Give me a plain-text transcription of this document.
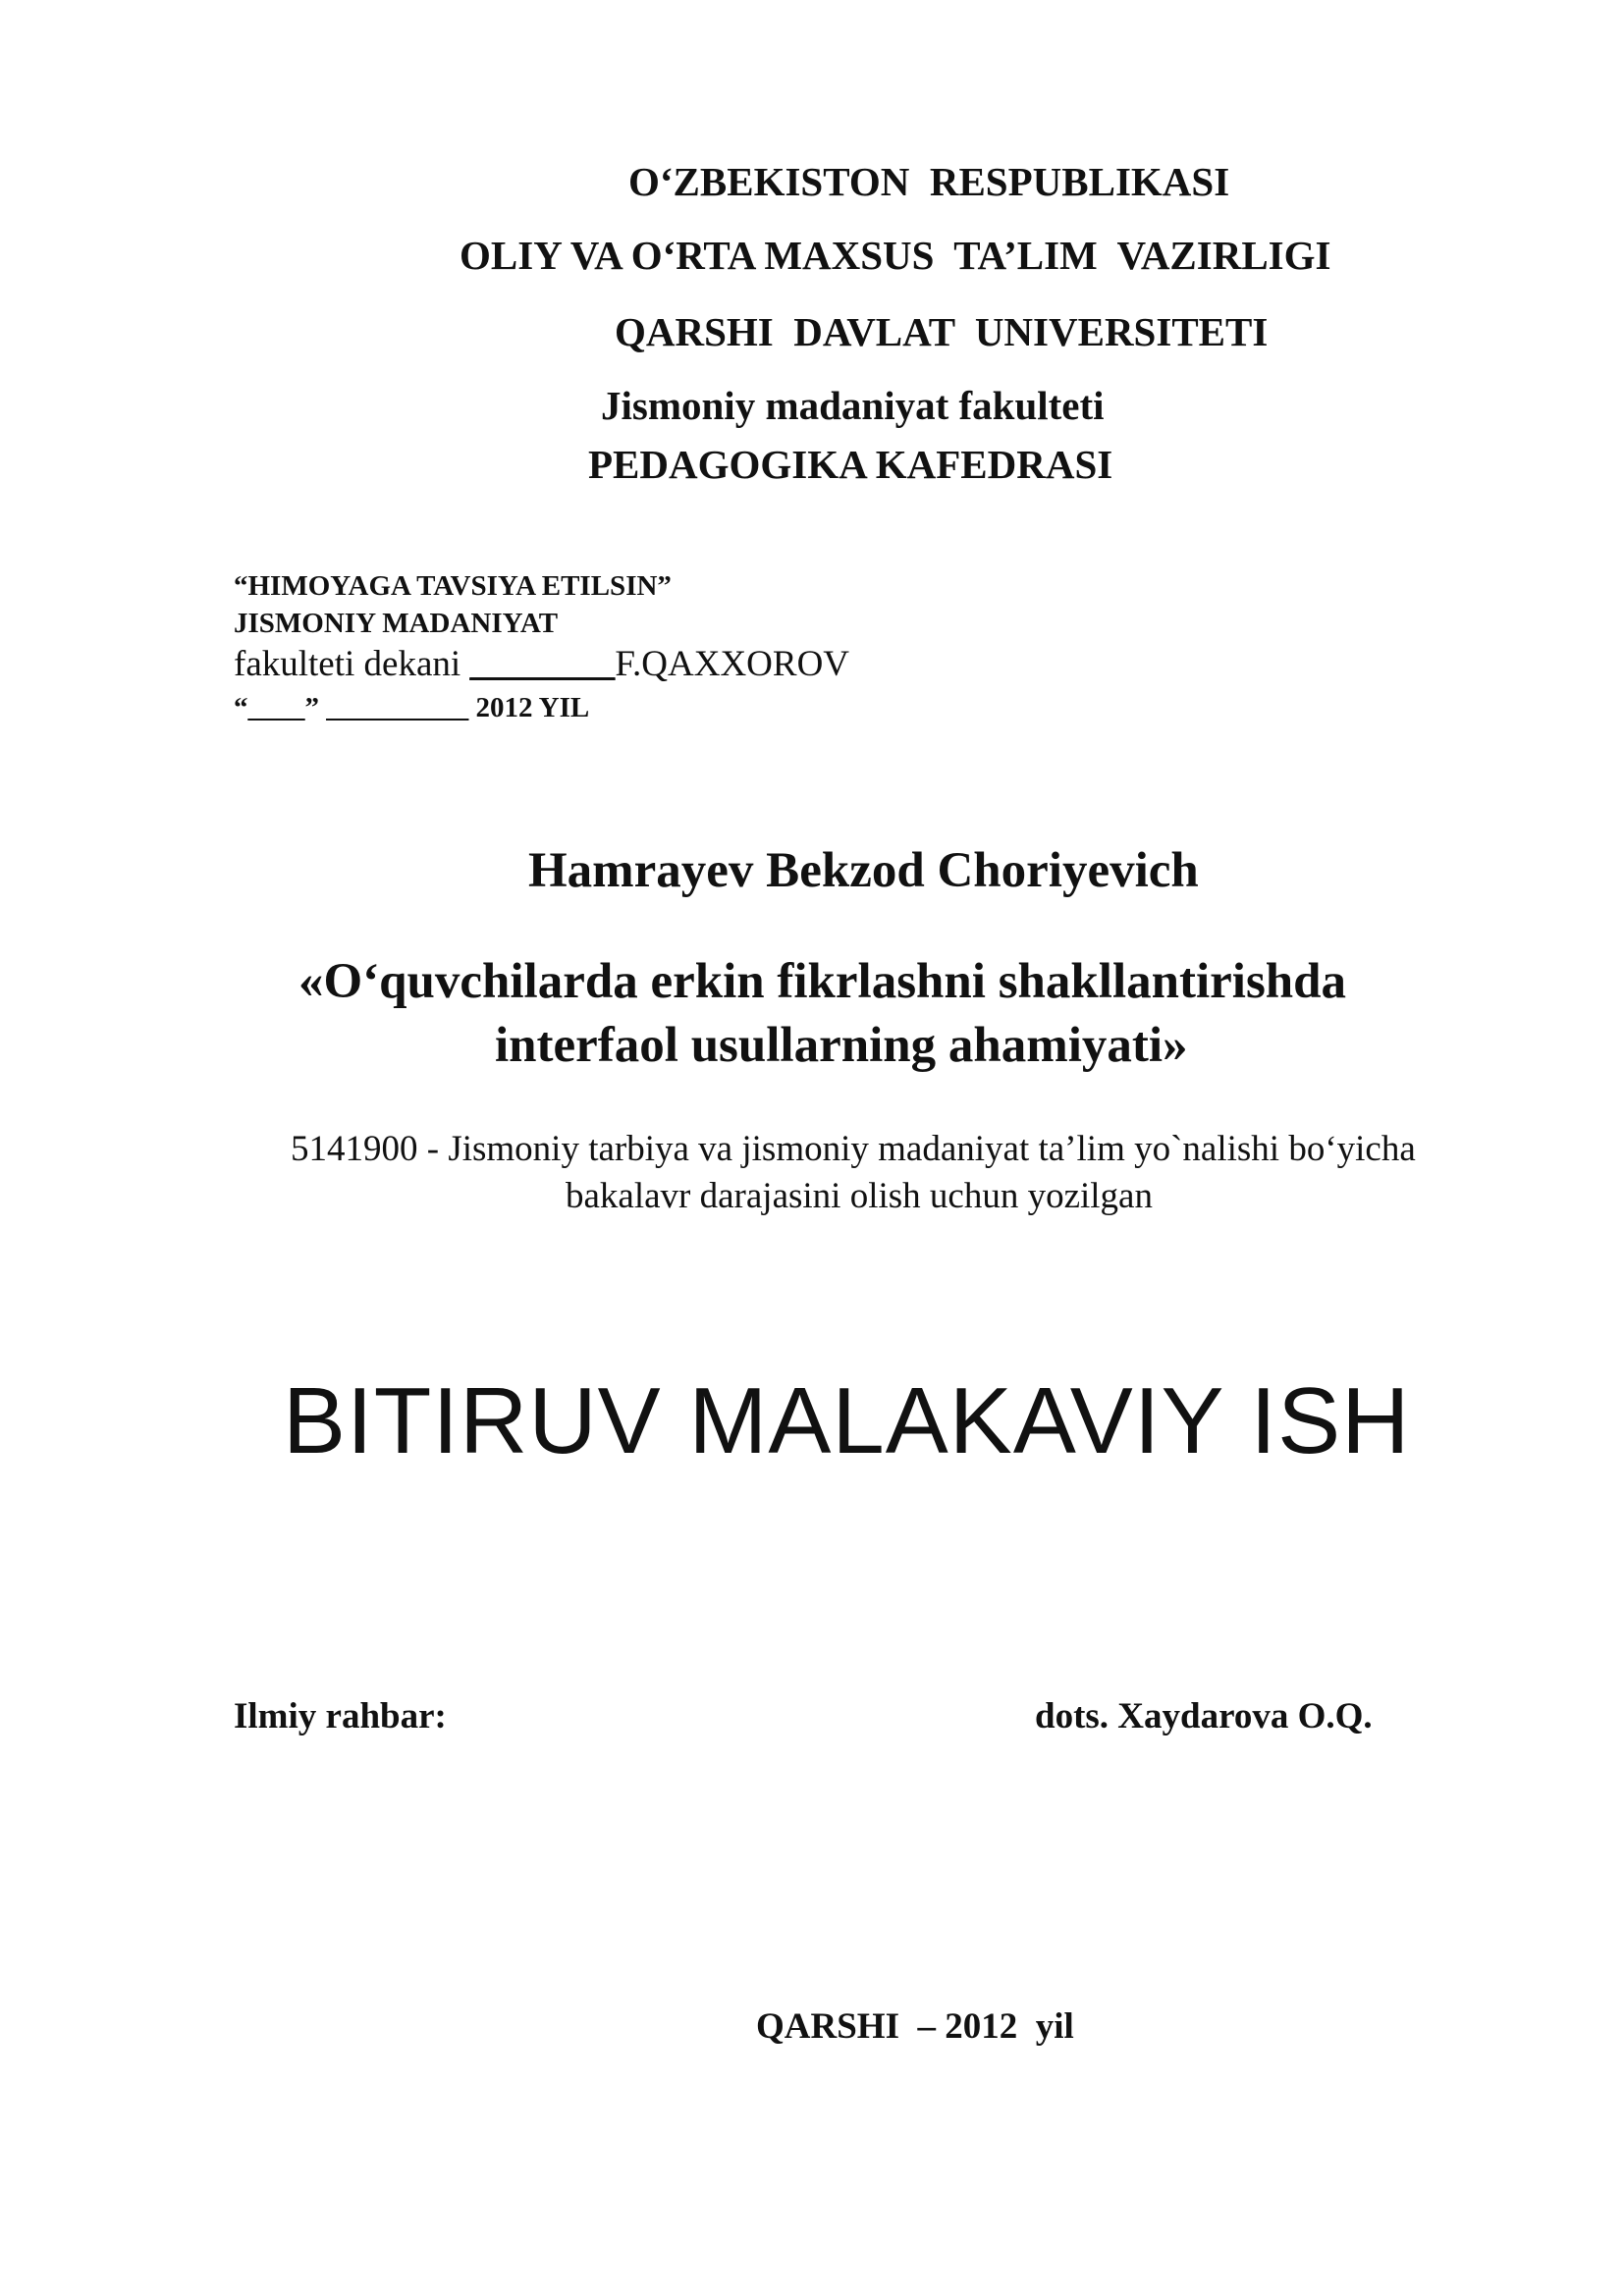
O‘ZBEKISTON  RESPUBLIKASI
OLIY VA O‘RTA MAXSUS  TA’LIM  VAZIRLIGI
QARSHI  DAVLAT  UNIVERSITETI
Jismoniy madaniyat fakulteti
PEDAGOGIKA KAFEDRASI
“HIMOYAGA TAVSIYA ETILSIN”
JISMONIY MADANIYAT
fakulteti dekani ________F.QAXXOROV
“____” __________ 2012 YIL
Hamrayev Bekzod Choriyevich
«O‘quvchilarda erkin fikrlashni shakllantirishda
interfaol usullarning ahamiyati»
5141900 - Jismoniy tarbiya va jismoniy madaniyat ta’lim yo`nalishi bo‘yicha
bakalavr darajasini olish uchun yozilgan
BITIRUV MALAKAVIY ISH
Ilmiy rahbar:	dots. Xaydarova O.Q.
QARSHI  – 2012  yil
